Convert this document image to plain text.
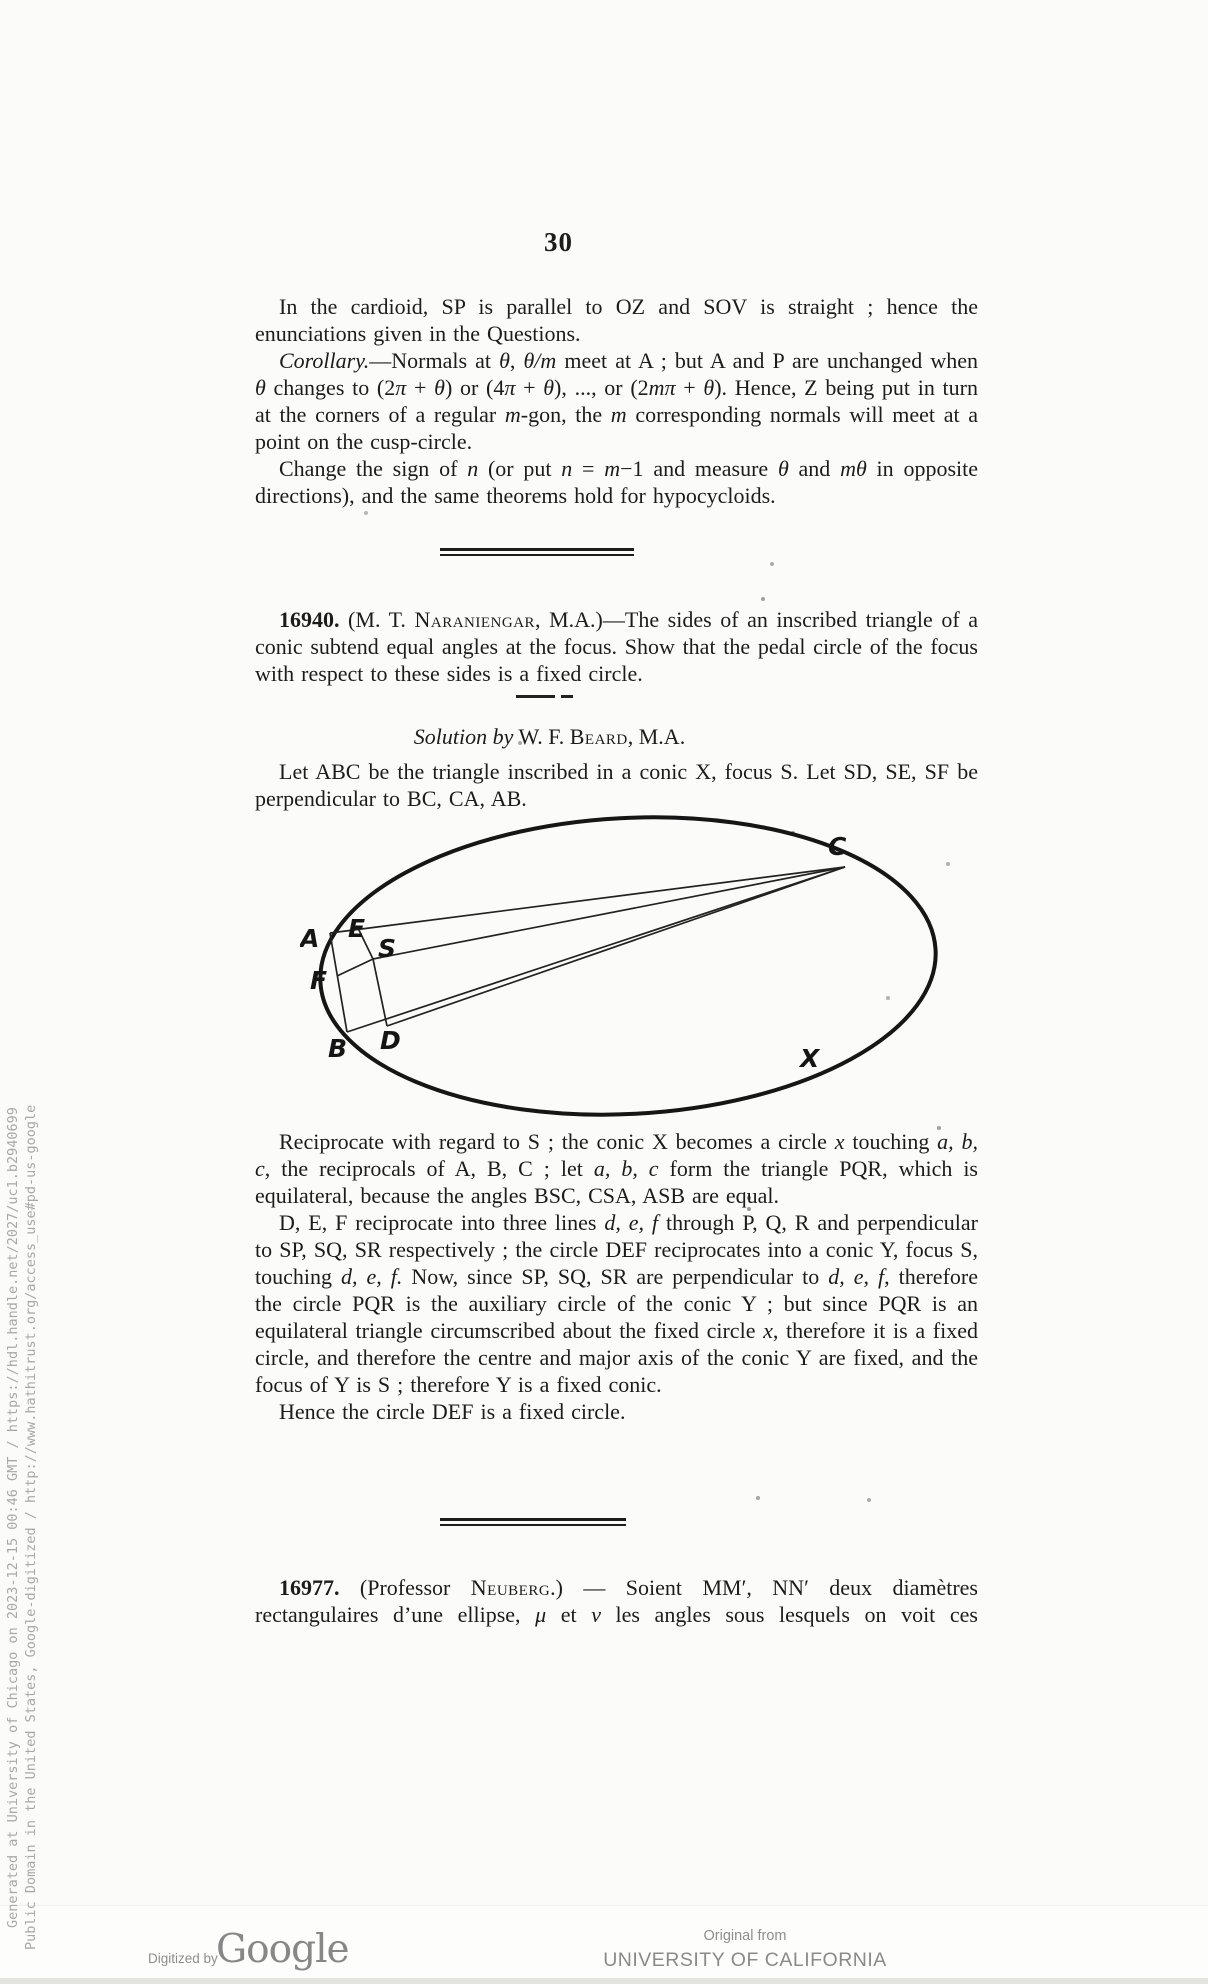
Generated at University of Chicago on 2023-12-15 00:46 GMT / https://hdl.handle.net/2027/uc1.b2940699 Public Domain in the United States, Google-digitized / http://www.hathitrust.org/access_use#pd-us-google
30

In the cardioid, SP is parallel to OZ and SOV is straight ; hence the enunciations given in the Questions.

Corollary.—Normals at θ, θ/m meet at A ; but A and P are unchanged when θ changes to (2π + θ) or (4π + θ), ..., or (2mπ + θ). Hence, Z being put in turn at the corners of a regular m-gon, the m corresponding normals will meet at a point on the cusp-circle.

Change the sign of n (or put n = m−1 and measure θ and mθ in opposite directions), and the same theorems hold for hypocycloids.

16940. (M. T. Naraniengar, M.A.)—The sides of an inscribed triangle of a conic subtend equal angles at the focus. Show that the pedal circle of the focus with respect to these sides is a fixed circle.

Solution by W. F. Beard, M.A.

Let ABC be the triangle inscribed in a conic X, focus S. Let SD, SE, SF be perpendicular to BC, CA, AB.

A E
S
F
B D
C
X

Reciprocate with regard to S ; the conic X becomes a circle x touching a, b, c, the reciprocals of A, B, C ; let a, b, c form the triangle PQR, which is equilateral, because the angles BSC, CSA, ASB are equal.

D, E, F reciprocate into three lines d, e, f through P, Q, R and perpendicular to SP, SQ, SR respectively ; the circle DEF reciprocates into a conic Y, focus S, touching d, e, f. Now, since SP, SQ, SR are perpendicular to d, e, f, therefore the circle PQR is the auxiliary circle of the conic Y ; but since PQR is an equilateral triangle circumscribed about the fixed circle x, therefore it is a fixed circle, and therefore the centre and major axis of the conic Y are fixed, and the focus of Y is S ; therefore Y is a fixed conic.

Hence the circle DEF is a fixed circle.

16977. (Professor Neuberg.) — Soient MM′, NN′ deux diamètres rectangulaires d’une ellipse, μ et ν les angles sous lesquels on voit ces

Digitized by
Google	Original from
UNIVERSITY OF CALIFORNIA
